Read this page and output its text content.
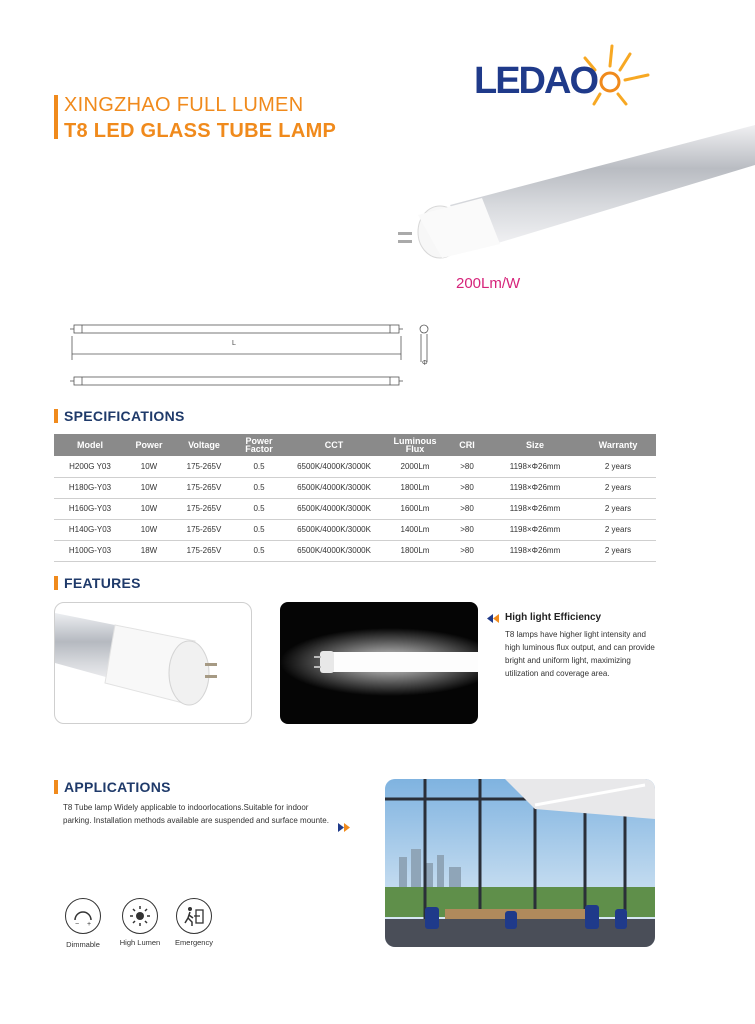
LEDAO
XINGZHAO FULL LUMEN
T8 LED GLASS TUBE LAMP
200Lm/W
L
Φ
SPECIFICATIONS
Model	Power	Voltage	Power Factor	CCT	Luminous Flux	CRI	Size	Warranty
H200G Y03	10W	175-265V	0.5	6500K/4000K/3000K	2000Lm	>80	1198×Φ26mm	2 years
H180G-Y03	10W	175-265V	0.5	6500K/4000K/3000K	1800Lm	>80	1198×Φ26mm	2 years
H160G-Y03	10W	175-265V	0.5	6500K/4000K/3000K	1600Lm	>80	1198×Φ26mm	2 years
H140G-Y03	10W	175-265V	0.5	6500K/4000K/3000K	1400Lm	>80	1198×Φ26mm	2 years
H100G-Y03	18W	175-265V	0.5	6500K/4000K/3000K	1800Lm	>80	1198×Φ26mm	2 years
FEATURES
High light Efficiency
T8 lamps have higher light intensity and high luminous flux output, and can provide bright and uniform light, maximizing utilization and coverage area.
APPLICATIONS
T8 Tube lamp Widely applicable to indoorlocations.Suitable for indoor parking. Installation methods available are suspended and surface mounte.
− +
Dimmable	High Lumen	Emergency
